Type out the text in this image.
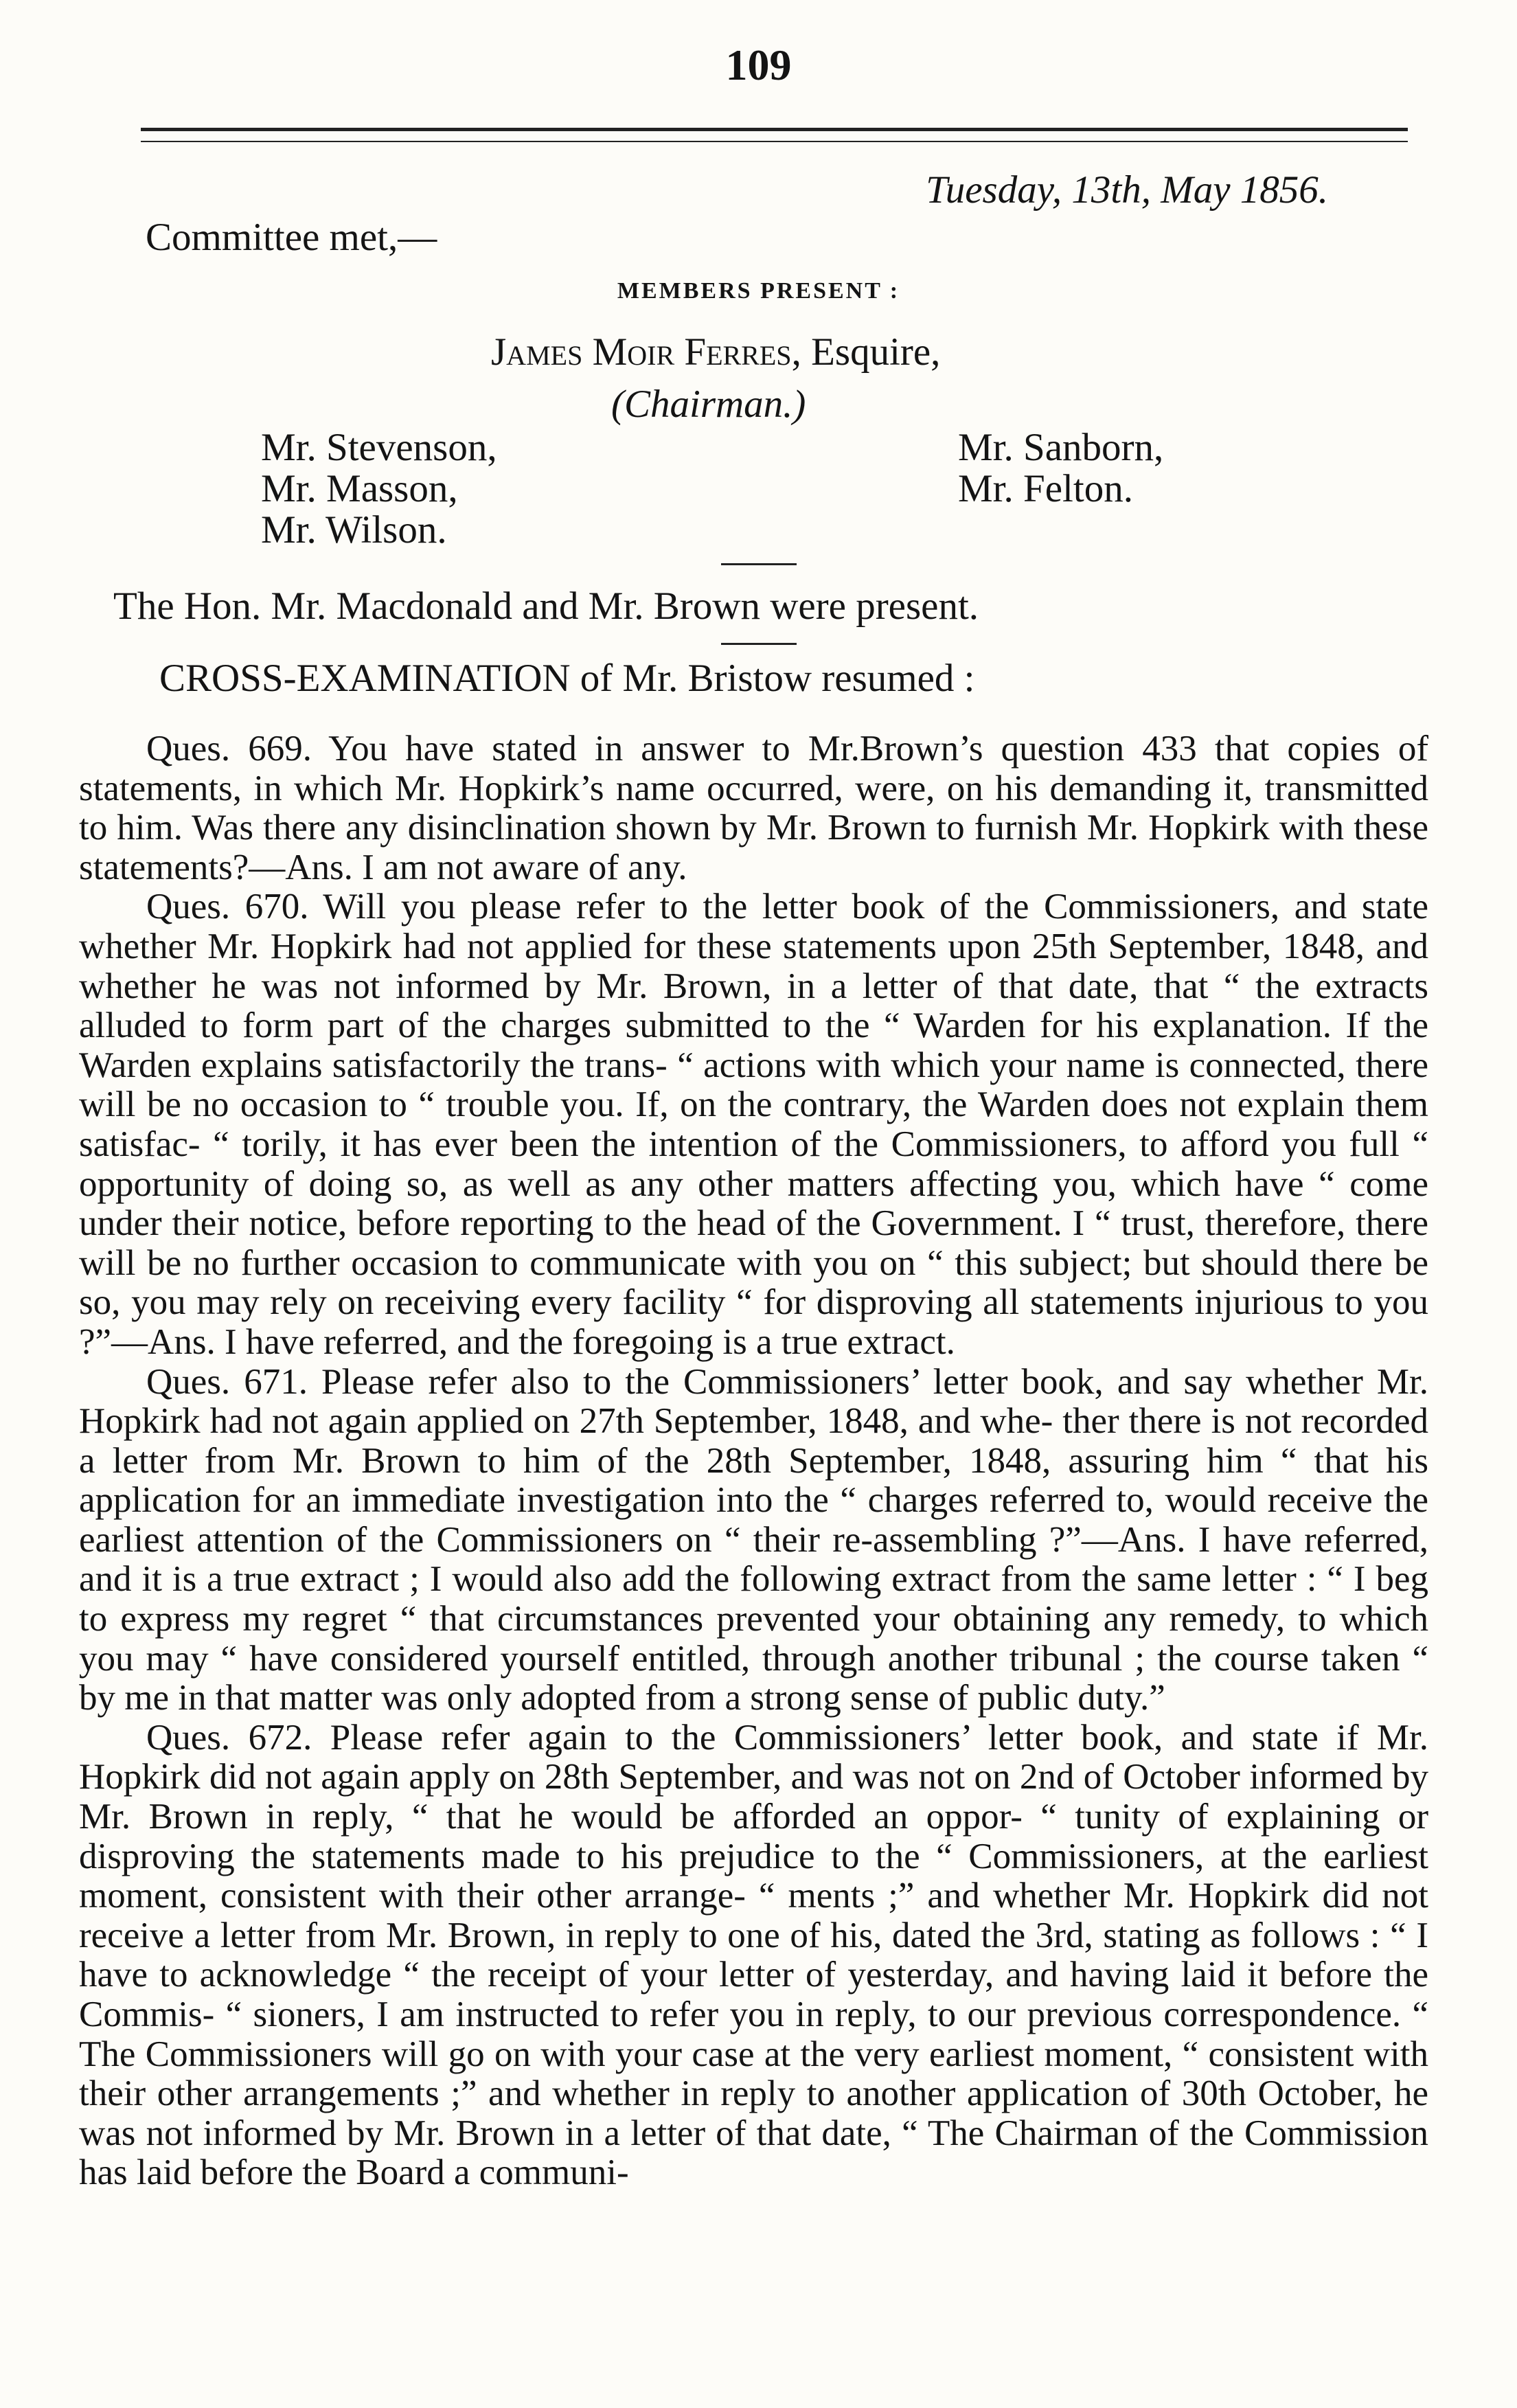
109
Tuesday, 13th, May 1856.
Committee met,—
MEMBERS PRESENT :
James Moir Ferres, Esquire,
(Chairman.)
Mr. Stevenson,
Mr. Masson,
Mr. Wilson.
Mr. Sanborn,
Mr. Felton.
The Hon. Mr. Macdonald and Mr. Brown were present.
CROSS-EXAMINATION of Mr. Bristow resumed :

Ques. 669. You have stated in answer to Mr.Brown’s question 433 that copies of statements, in which Mr. Hopkirk’s name occurred, were, on his demanding it, transmitted to him. Was there any disinclination shown by Mr. Brown to furnish Mr. Hopkirk with these statements?—Ans. I am not aware of any.

Ques. 670. Will you please refer to the letter book of the Commissioners, and state whether Mr. Hopkirk had not applied for these statements upon 25th September, 1848, and whether he was not informed by Mr. Brown, in a letter of that date, that “ the extracts alluded to form part of the charges submitted to the “ Warden for his explanation. If the Warden explains satisfactorily the trans- “ actions with which your name is connected, there will be no occasion to “ trouble you. If, on the contrary, the Warden does not explain them satisfac- “ torily, it has ever been the intention of the Commissioners, to afford you full “ opportunity of doing so, as well as any other matters affecting you, which have “ come under their notice, before reporting to the head of the Government. I “ trust, therefore, there will be no further occasion to communicate with you on “ this subject; but should there be so, you may rely on receiving every facility “ for disproving all statements injurious to you ?”—Ans. I have referred, and the foregoing is a true extract.

Ques. 671. Please refer also to the Commissioners’ letter book, and say whether Mr. Hopkirk had not again applied on 27th September, 1848, and whe- ther there is not recorded a letter from Mr. Brown to him of the 28th September, 1848, assuring him “ that his application for an immediate investigation into the “ charges referred to, would receive the earliest attention of the Commissioners on “ their re-assembling ?”—Ans. I have referred, and it is a true extract ; I would also add the following extract from the same letter : “ I beg to express my regret “ that circumstances prevented your obtaining any remedy, to which you may “ have considered yourself entitled, through another tribunal ; the course taken “ by me in that matter was only adopted from a strong sense of public duty.”

Ques. 672. Please refer again to the Commissioners’ letter book, and state if Mr. Hopkirk did not again apply on 28th September, and was not on 2nd of October informed by Mr. Brown in reply, “ that he would be afforded an oppor- “ tunity of explaining or disproving the statements made to his prejudice to the “ Commissioners, at the earliest moment, consistent with their other arrange- “ ments ;” and whether Mr. Hopkirk did not receive a letter from Mr. Brown, in reply to one of his, dated the 3rd, stating as follows : “ I have to acknowledge “ the receipt of your letter of yesterday, and having laid it before the Commis- “ sioners, I am instructed to refer you in reply, to our previous correspondence. “ The Commissioners will go on with your case at the very earliest moment, “ consistent with their other arrangements ;” and whether in reply to another application of 30th October, he was not informed by Mr. Brown in a letter of that date, “ The Chairman of the Commission has laid before the Board a communi-
